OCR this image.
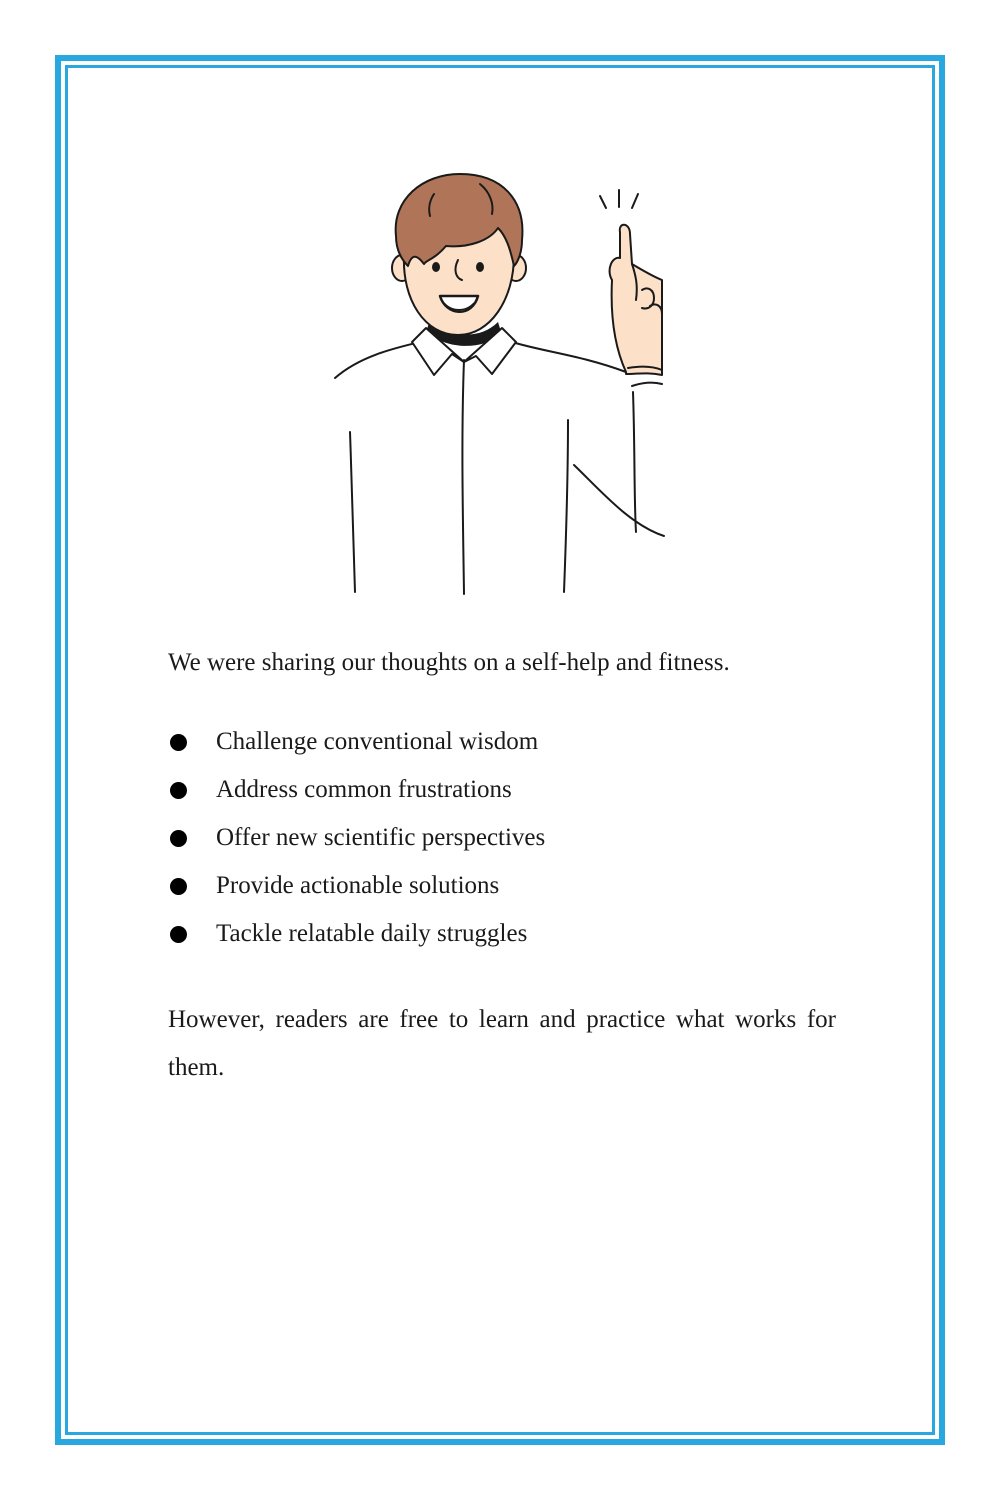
We were sharing our thoughts on a self-help and fitness.

Challenge conventional wisdom
Address common frustrations
Offer new scientific perspectives
Provide actionable solutions
Tackle relatable daily struggles

However, readers are free to learn and practice what works for them.
